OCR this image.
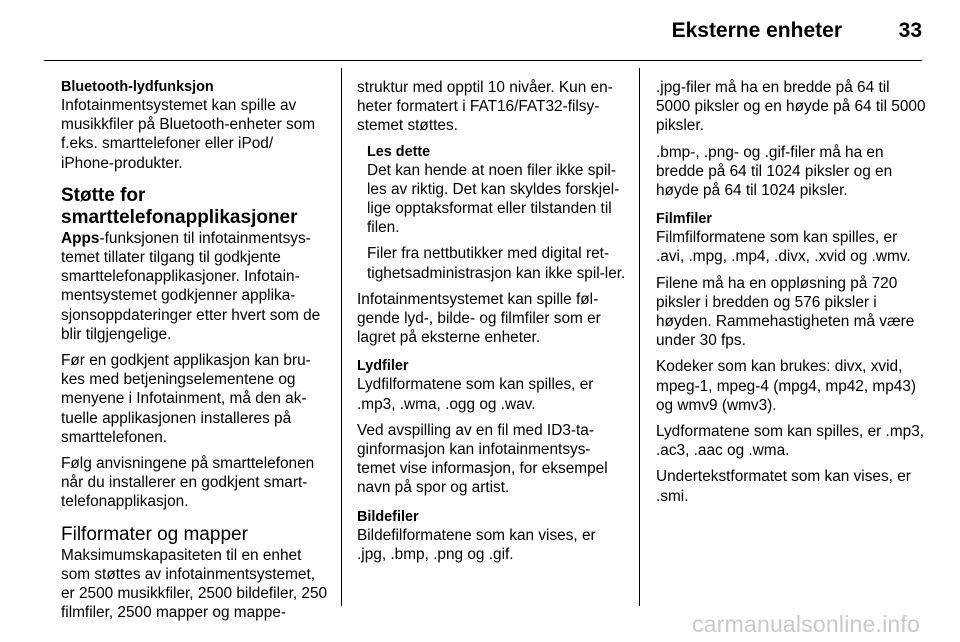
Eksterne enheter	33
Bluetooth-lydfunksjon

Infotainmentsystemet kan spille av musikkfiler på Bluetooth-enheter som f.eks. smarttelefoner eller iPod/ iPhone-produkter.

Støtte for smarttelefonapplikasjoner

Apps-funksjonen til infotainmentsys-temet tillater tilgang til godkjente smarttelefonapplikasjoner. Infotain-mentsystemet godkjenner applika-sjonsoppdateringer etter hvert som de blir tilgjengelige.

Før en godkjent applikasjon kan bru-kes med betjeningselementene og menyene i Infotainment, må den ak-tuelle applikasjonen installeres på smarttelefonen.

Følg anvisningene på smarttelefonen når du installerer en godkjent smart-telefonapplikasjon.

Filformater og mapper

Maksimumskapasiteten til en enhet som støttes av infotainmentsystemet, er 2500 musikkfiler, 2500 bildefiler, 250 filmfiler, 2500 mapper og mappe-

struktur med opptil 10 nivåer. Kun en-heter formatert i FAT16/FAT32-filsy-stemet støttes.

Les dette

Det kan hende at noen filer ikke spil-les av riktig. Det kan skyldes forskjel-lige opptaksformat eller tilstanden til filen.

Filer fra nettbutikker med digital ret-tighetsadministrasjon kan ikke spil-ler.

Infotainmentsystemet kan spille føl-gende lyd-, bilde- og filmfiler som er lagret på eksterne enheter.

Lydfiler

Lydfilformatene som kan spilles, er .mp3, .wma, .ogg og .wav.

Ved avspilling av en fil med ID3-ta-ginformasjon kan infotainmentsys-temet vise informasjon, for eksempel navn på spor og artist.

Bildefiler

Bildefilformatene som kan vises, er .jpg, .bmp, .png og .gif.

.jpg-filer må ha en bredde på 64 til 5000 piksler og en høyde på 64 til 5000 piksler.

.bmp-, .png- og .gif-filer må ha en bredde på 64 til 1024 piksler og en høyde på 64 til 1024 piksler.

Filmfiler

Filmfilformatene som kan spilles, er .avi, .mpg, .mp4, .divx, .xvid og .wmv.

Filene må ha en oppløsning på 720 piksler i bredden og 576 piksler i høyden. Rammehastigheten må være under 30 fps.

Kodeker som kan brukes: divx, xvid, mpeg-1, mpeg-4 (mpg4, mp42, mp43) og wmv9 (wmv3).

Lydformatene som kan spilles, er .mp3, .ac3, .aac og .wma.

Undertekstformatet som kan vises, er .smi.

carmanualsonline.info
